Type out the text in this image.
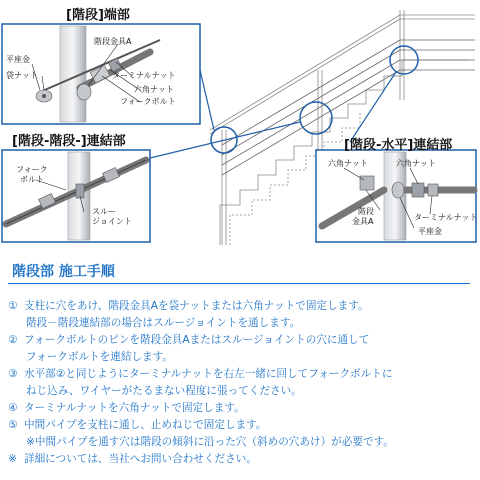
平座金
袋ナット
階段金具A
ターミナルナット
六角ナット
フォークボルト
フォーク ボルト
スルー ジョイント
六角ナット	六角ナット
階段 金具A	ターミナルナット
平座金
[階段]端部
[階段-階段-]連結部	[階段-水平]連結部
階段部 施工手順
① 支柱に穴をあけ、階段金具Aを袋ナットまたは六角ナットで固定します。
階段－階段連結部の場合はスルージョイントを通します。
② フォークボルトのピンを階段金具Aまたはスルージョイントの穴に通して
フォークボルトを連結します。
③ 水平部②と同じようにターミナルナットを右左一緒に回してフォークボルトに
ねじ込み、ワイヤーがたるまない程度に張ってください。
④ ターミナルナットを六角ナットで固定します。
⑤ 中間パイプを支柱に通し、止めねじで固定します。
※中間パイプを通す穴は階段の傾斜に沿った穴（斜めの穴あけ）が必要です。
※ 詳細については、当社へお問い合わせください。
